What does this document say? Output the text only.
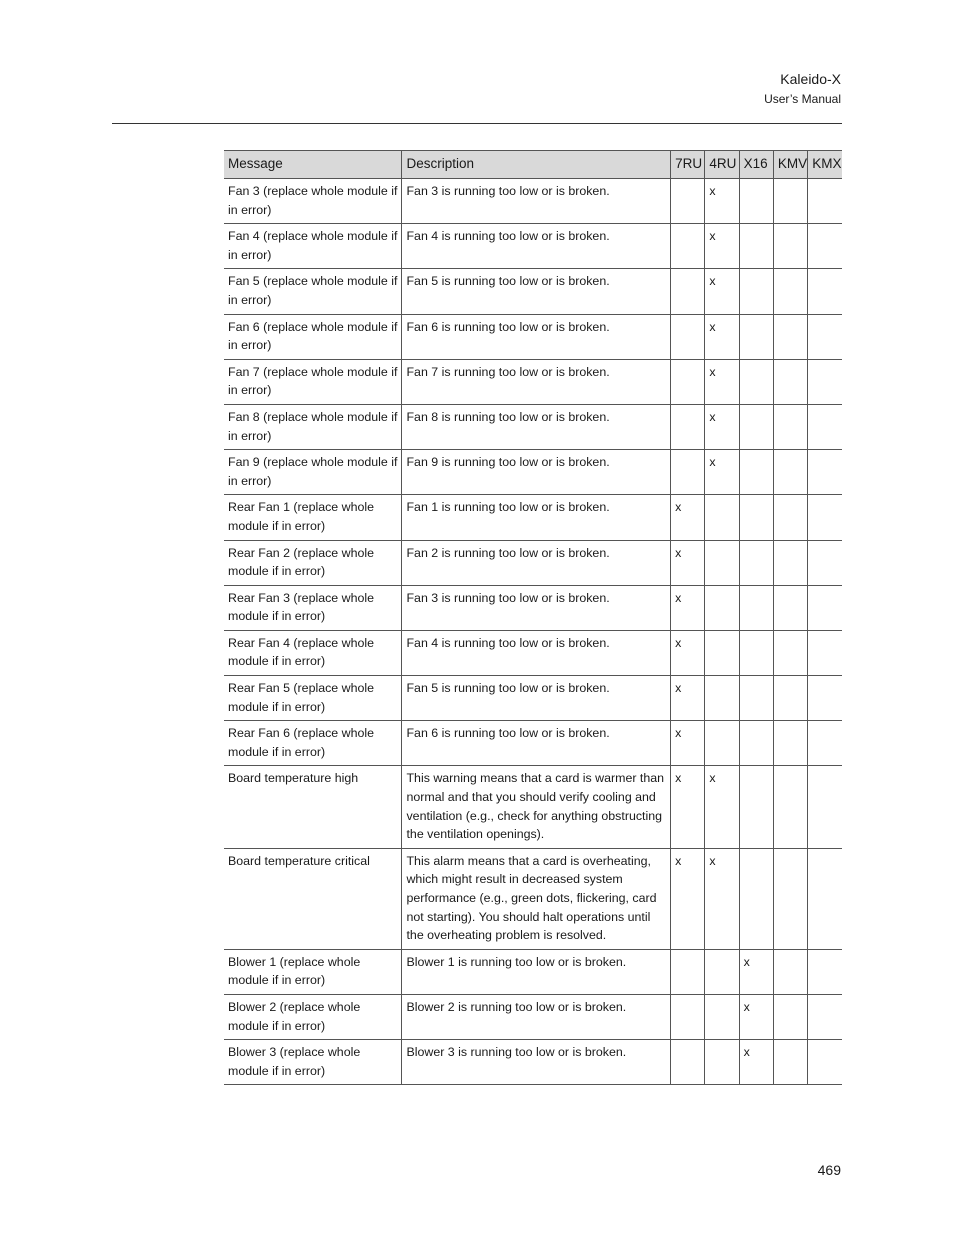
Kaleido-X
User’s Manual
Message	Description	7RU	4RU	X16	KMV	KMX
Fan 3 (replace whole module if in error)	Fan 3 is running too low or is broken.		x			
Fan 4 (replace whole module if in error)	Fan 4 is running too low or is broken.		x			
Fan 5 (replace whole module if in error)	Fan 5 is running too low or is broken.		x			
Fan 6 (replace whole module if in error)	Fan 6 is running too low or is broken.		x			
Fan 7 (replace whole module if in error)	Fan 7 is running too low or is broken.		x			
Fan 8 (replace whole module if in error)	Fan 8 is running too low or is broken.		x			
Fan 9 (replace whole module if in error)	Fan 9 is running too low or is broken.		x			
Rear Fan 1 (replace whole module if in error)	Fan 1 is running too low or is broken.	x				
Rear Fan 2 (replace whole module if in error)	Fan 2 is running too low or is broken.	x				
Rear Fan 3 (replace whole module if in error)	Fan 3 is running too low or is broken.	x				
Rear Fan 4 (replace whole module if in error)	Fan 4 is running too low or is broken.	x				
Rear Fan 5 (replace whole module if in error)	Fan 5 is running too low or is broken.	x				
Rear Fan 6 (replace whole module if in error)	Fan 6 is running too low or is broken.	x				
Board temperature high	This warning means that a card is warmer than normal and that you should verify cooling and ventilation (e.g., check for anything obstructing the ventilation openings).	x	x			
Board temperature critical	This alarm means that a card is overheating, which might result in decreased system performance (e.g., green dots, flickering, card not starting). You should halt operations until the overheating problem is resolved.	x	x			
Blower 1 (replace whole module if in error)	Blower 1 is running too low or is broken.			x		
Blower 2 (replace whole module if in error)	Blower 2 is running too low or is broken.			x		
Blower 3 (replace whole module if in error)	Blower 3 is running too low or is broken.			x		
469
